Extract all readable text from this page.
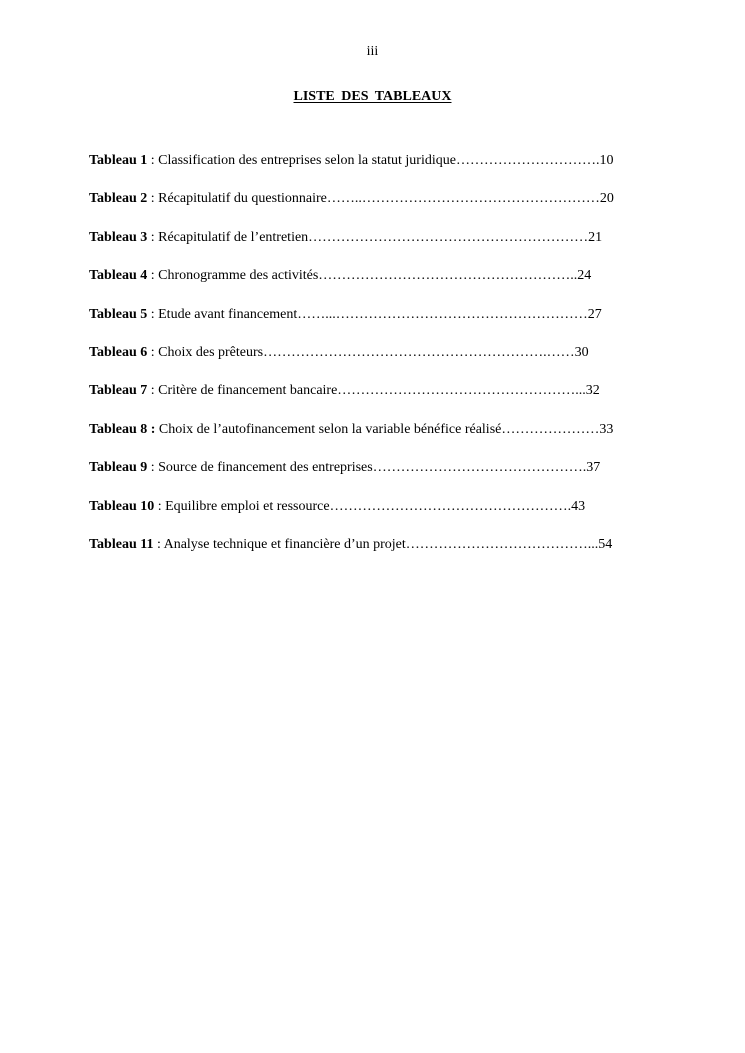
iii
LISTE DES TABLEAUX
Tableau 1 : Classification des entreprises selon la statut juridique………………………….10
Tableau 2 : Récapitulatif du questionnaire……..……………………………………………20
Tableau 3 : Récapitulatif de l’entretien……………………………………………………21
Tableau 4 : Chronogramme des activités………………………………………………..24
Tableau 5 : Etude avant financement……...………………………………………………27
Tableau 6 : Choix des prêteurs…………………………………………………….……30
Tableau 7 : Critère de financement bancaire……………………………………………...32
Tableau 8 : Choix de l’autofinancement selon la variable bénéfice réalisé…………………33
Tableau 9 : Source de financement des entreprises……………………………………….37
Tableau 10 : Equilibre emploi et ressource…………………………………………….43
Tableau 11 : Analyse technique et financière d’un projet…………………………………...54
